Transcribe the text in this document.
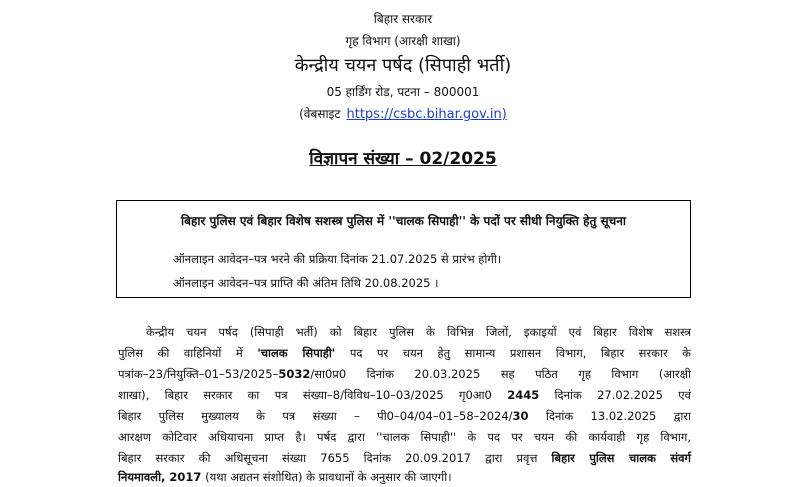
बिहार सरकार
गृह विभाग (आरक्षी शाखा)
केन्द्रीय चयन पर्षद (सिपाही भर्ती)
05 हार्डिंग रोड, पटना – 800001
(वेबसाइट https://csbc.bihar.gov.in)
विज्ञापन संख्या – 02/2025
बिहार पुलिस एवं बिहार विशेष सशस्त्र पुलिस में ''चालक सिपाही'' के पदों पर सीधी नियुक्ति हेतु सूचना
ऑनलाइन आवेदन–पत्र भरने की प्रक्रिया दिनांक 21.07.2025 से प्रारंभ होगी।
ऑनलाइन आवेदन–पत्र प्राप्ति की अंतिम तिथि 20.08.2025 ।
केन्द्रीय चयन पर्षद (सिपाही भर्ती) को बिहार पुलिस के विभिन्न जिलों, इकाइयों एवं बिहार विशेष सशस्त्र
पुलिस की वाहिनियों में 'चालक सिपाही' पद पर चयन हेतु सामान्य प्रशासन विभाग, बिहार सरकार के
पत्रांक–23/नियुक्ति–01–53/2025–5032/सा0प्र0 दिनांक 20.03.2025 सह पठित गृह विभाग (आरक्षी
शाखा), बिहार सरकार का पत्र संख्या–8/विविध–10–03/2025 गृ0आ0 2445 दिनांक 27.02.2025 एवं
बिहार पुलिस मुख्यालय के पत्र संख्या – पी0–04/04–01–58–2024/30 दिनांक 13.02.2025 द्वारा
आरक्षण कोटिवार अधियाचना प्राप्त है। पर्षद द्वारा ''चालक सिपाही'' के पद पर चयन की कार्यवाही गृह विभाग,
बिहार सरकार की अधिसूचना संख्या 7655 दिनांक 20.09.2017 द्वारा प्रवृत्त बिहार पुलिस चालक संवर्ग
नियमावली, 2017 (यथा अद्यतन संशोधित) के प्रावधानों के अनुसार की जाएगी।
